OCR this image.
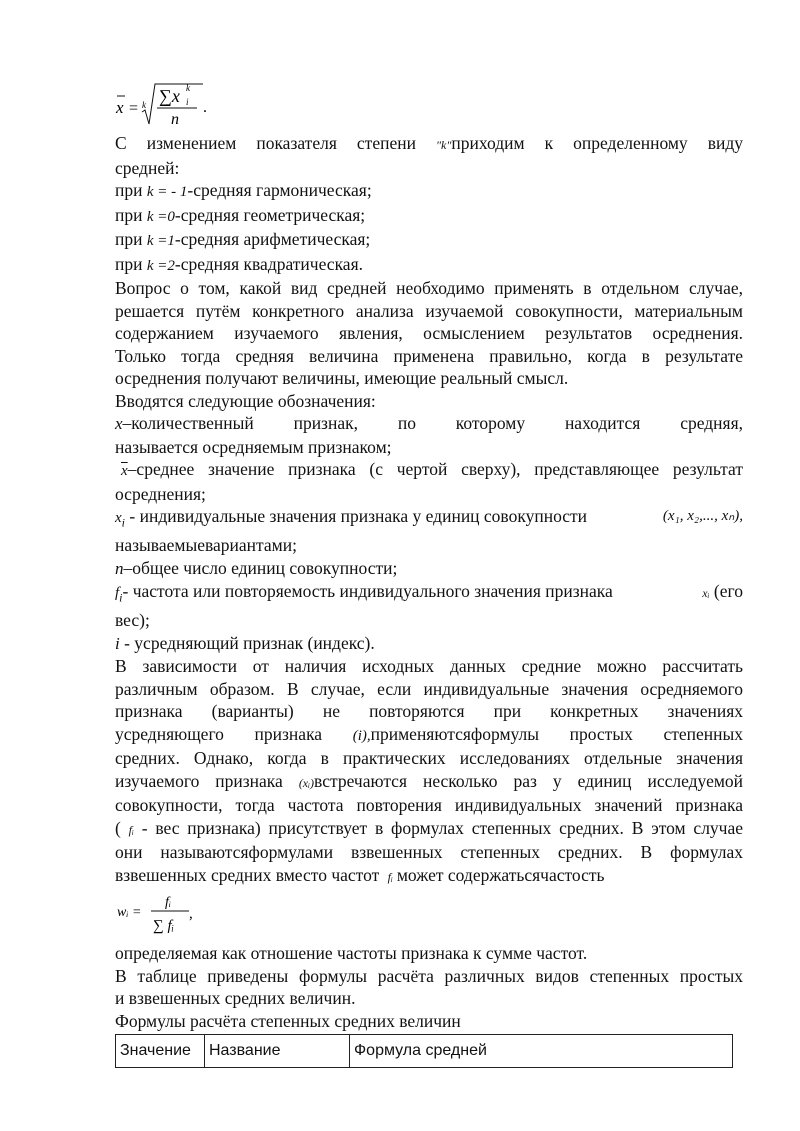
x = k ∑x k
i
n
.
С изменением показателя степени "k"приходим к определенному виду
средней:
при k = - 1-средняя гармоническая;
при k =0-средняя геометрическая;
при k =1-средняя арифметическая;
при k =2-средняя квадратическая.
Вопрос о том, какой вид средней необходимо применять в отдельном случае,
решается путём конкретного анализа изучаемой совокупности, материальным
содержанием изучаемого явления, осмыслением результатов осреднения.
Только тогда средняя величина применена правильно, когда в результате
осреднения получают величины, имеющие реальный смысл.
Вводятся следующие обозначения:
x–количественный признак, по которому находится средняя,
называется осредняемым признаком;
$\overline{x}$–среднее значение признака (с чертой сверху), представляющее результат
осреднения;
$x_i$ - индивидуальные значения признака у единиц совокупности	(x₁, x₂,..., xₙ),
называемыевариантами;
n–общее число единиц совокупности;
$f_i-$ частота или повторяемость индивидуального значения признака	xᵢ (его
вес);
i - усредняющий признак (индекс).
В зависимости от наличия исходных данных средние можно рассчитать
различным образом. В случае, если индивидуальные значения осредняемого
признака (варианты) не повторяются при конкретных значениях
усредняющего признака (i),применяютсяформулы простых степенных
средних. Однако, когда в практических исследованиях отдельные значения
изучаемого признака (xᵢ)встречаются несколько раз у единиц исследуемой
совокупности, тогда частота повторения индивидуальных значений признака
( fᵢ - вес признака) присутствует в формулах степенных средних. В этом случае
они называютсяформулами взвешенных степенных средних. В формулах
взвешенных средних вместо частот fᵢ может содержатьсячастость
wᵢ =
fᵢ
∑ fᵢ
,
определяемая как отношение частоты признака к сумме частот.
В таблице приведены формулы расчёта различных видов степенных простых
и взвешенных средних величин.
Формулы расчёта степенных средних величин
Значение	Название	Формула средней
